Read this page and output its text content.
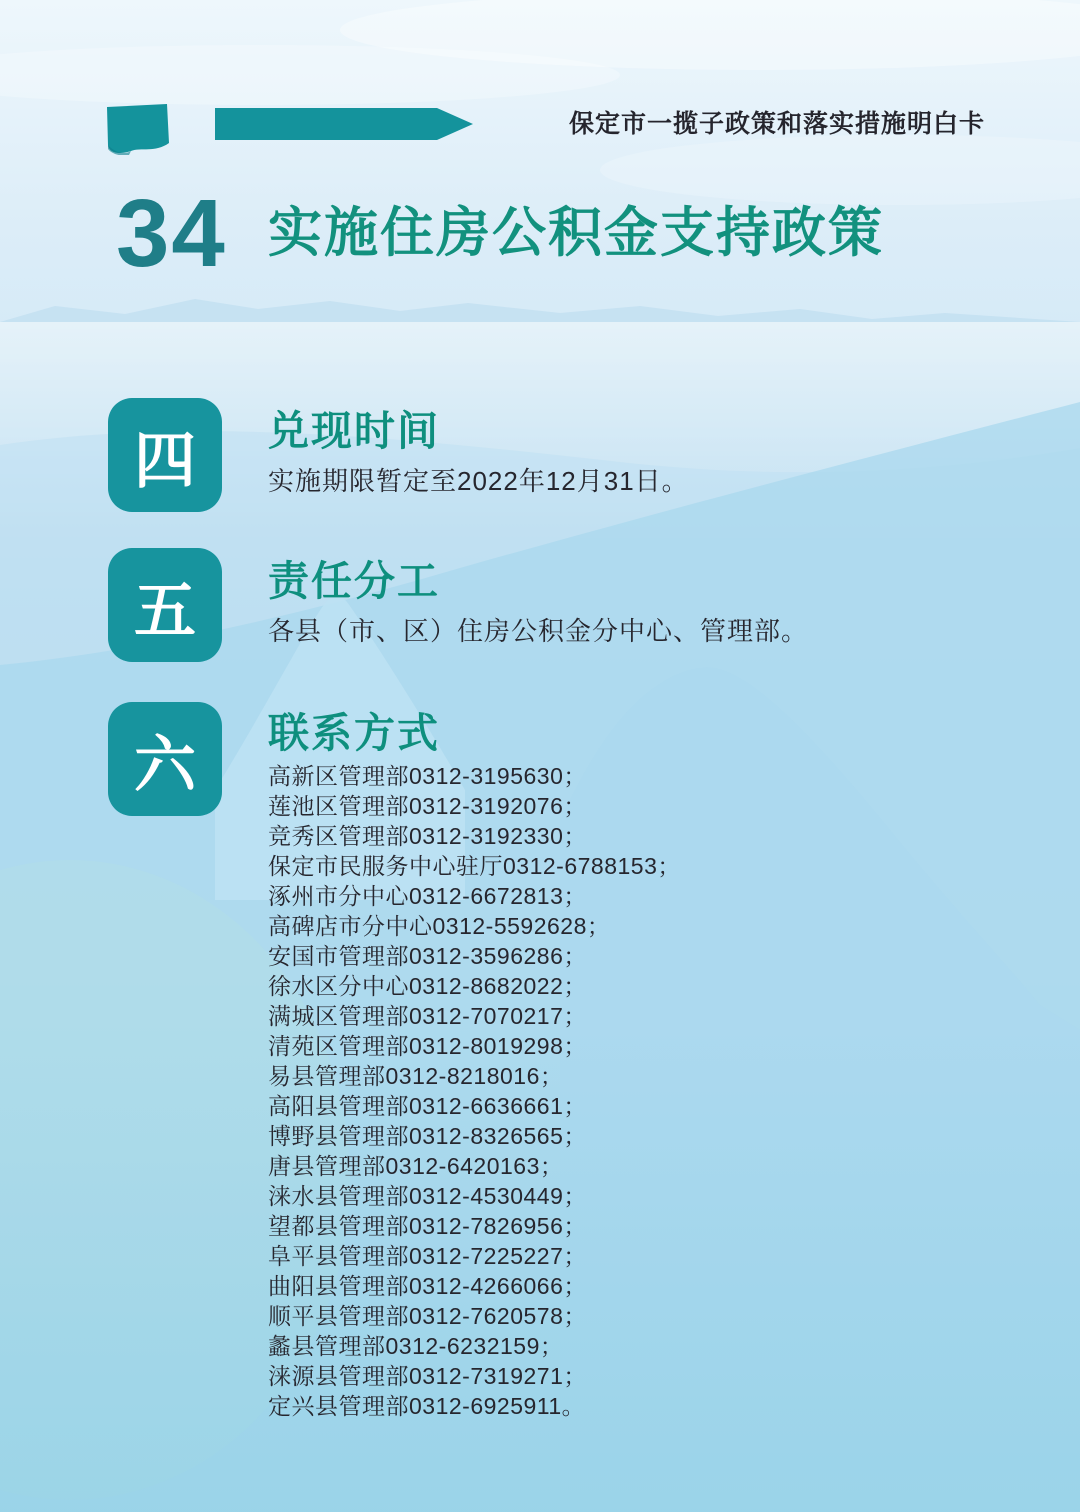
保定市一揽子政策和落实措施明白卡
34 实施住房公积金支持政策
四	兑现时间
实施期限暂定至2022年12月31日。
五	责任分工
各县（市、区）住房公积金分中心、管理部。
六	联系方式
高新区管理部0312-3195630；
莲池区管理部0312-3192076；
竞秀区管理部0312-3192330；
保定市民服务中心驻厅0312-6788153；
涿州市分中心0312-6672813；
高碑店市分中心0312-5592628；
安国市管理部0312-3596286；
徐水区分中心0312-8682022；
满城区管理部0312-7070217；
清苑区管理部0312-8019298；
易县管理部0312-8218016；
高阳县管理部0312-6636661；
博野县管理部0312-8326565；
唐县管理部0312-6420163；
涞水县管理部0312-4530449；
望都县管理部0312-7826956；
阜平县管理部0312-7225227；
曲阳县管理部0312-4266066；
顺平县管理部0312-7620578；
蠡县管理部0312-6232159；
涞源县管理部0312-7319271；
定兴县管理部0312-6925911。
